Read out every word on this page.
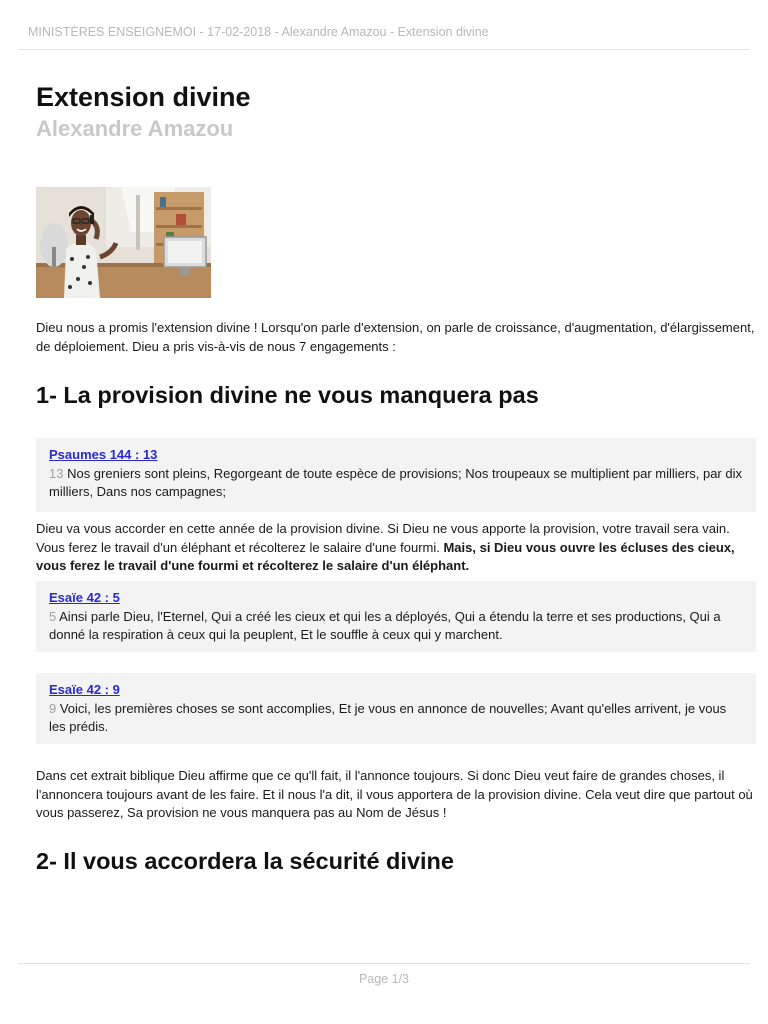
MINISTÈRES ENSEIGNEMOI - 17-02-2018 - Alexandre Amazou - Extension divine
Extension divine
Alexandre Amazou

Dieu nous a promis l'extension divine ! Lorsqu'on parle d'extension, on parle de croissance, d'augmentation, d'élargissement, de déploiement. Dieu a pris vis-à-vis de nous 7 engagements :

1- La provision divine ne vous manquera pas
Psaumes 144 : 13
13 Nos greniers sont pleins, Regorgeant de toute espèce de provisions; Nos troupeaux se multiplient par milliers, par dix milliers, Dans nos campagnes;

Dieu va vous accorder en cette année de la provision divine. Si Dieu ne vous apporte la provision, votre travail sera vain. Vous ferez le travail d'un éléphant et récolterez le salaire d'une fourmi. Mais, si Dieu vous ouvre les écluses des cieux, vous ferez le travail d'une fourmi et récolterez le salaire d'un éléphant.

Esaïe 42 : 5
5 Ainsi parle Dieu, l'Eternel, Qui a créé les cieux et qui les a déployés, Qui a étendu la terre et ses productions, Qui a donné la respiration à ceux qui la peuplent, Et le souffle à ceux qui y marchent.
Esaïe 42 : 9
9 Voici, les premières choses se sont accomplies, Et je vous en annonce de nouvelles; Avant qu'elles arrivent, je vous les prédis.

Dans cet extrait biblique Dieu affirme que ce qu'll fait, il l'annonce toujours. Si donc Dieu veut faire de grandes choses, il l'annoncera toujours avant de les faire. Et il nous l'a dit, il vous apportera de la provision divine. Cela veut dire que partout où vous passerez, Sa provision ne vous manquera pas au Nom de Jésus !

2- Il vous accordera la sécurité divine
Page 1/3
